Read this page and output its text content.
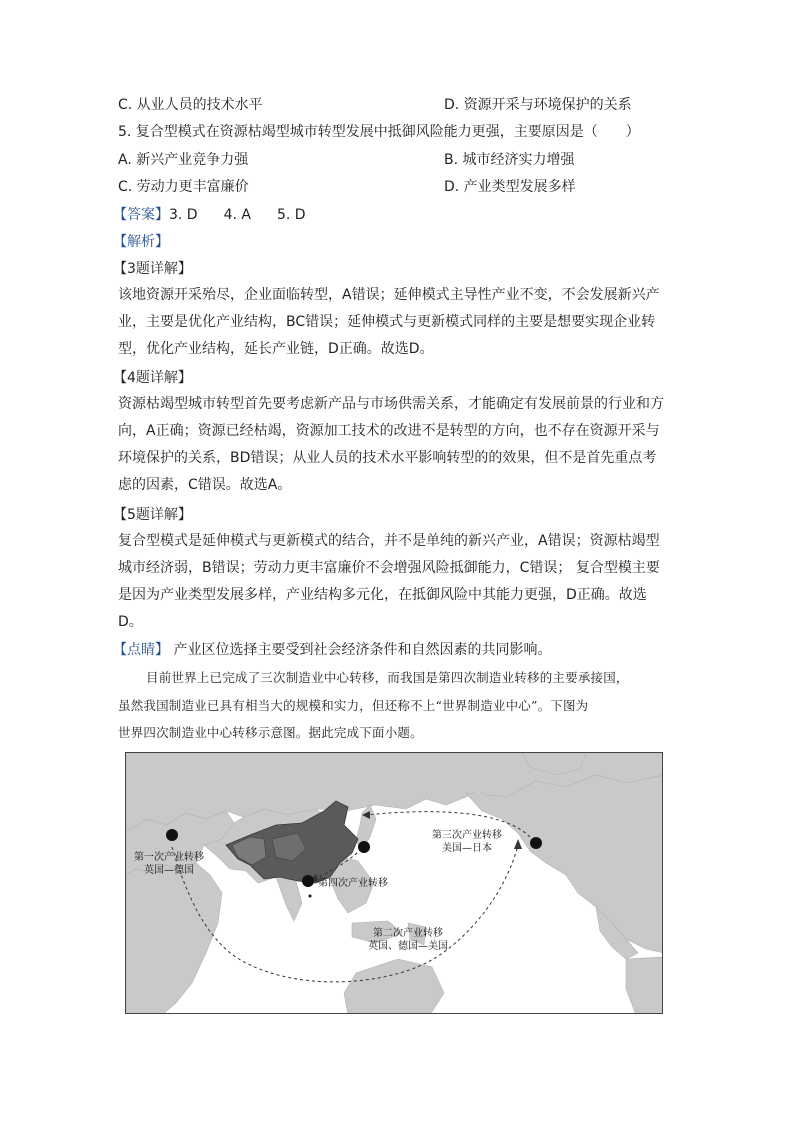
C. 从业人员的技术水平	D. 资源开采与环境保护的关系
5. 复合型模式在资源枯竭型城市转型发展中抵御风险能力更强，主要原因是（　　）
A. 新兴产业竞争力强	B. 城市经济实力增强
C. 劳动力更丰富廉价	D. 产业类型发展多样
【答案】3. D 4. A 5. D
【解析】
【3题详解】
该地资源开采殆尽，企业面临转型，A错误；延伸模式主导性产业不变，不会发展新兴产
业，主要是优化产业结构，BC错误；延伸模式与更新模式同样的主要是想要实现企业转
型，优化产业结构，延长产业链，D正确。故选D。
【4题详解】
资源枯竭型城市转型首先要考虑新产品与市场供需关系，才能确定有发展前景的行业和方
向，A正确；资源已经枯竭，资源加工技术的改进不是转型的方向，也不存在资源开采与
环境保护的关系，BD错误；从业人员的技术水平影响转型的的效果，但不是首先重点考
虑的因素，C错误。故选A。
【5题详解】
复合型模式是延伸模式与更新模式的结合，并不是单纯的新兴产业，A错误；资源枯竭型
城市经济弱，B错误；劳动力更丰富廉价不会增强风险抵御能力，C错误； 复合型模主要
是因为产业类型发展多样，产业结构多元化，在抵御风险中其能力更强，D正确。故选
D。
【点睛】 产业区位选择主要受到社会经济条件和自然因素的共同影响。
目前世界上已完成了三次制造业中心转移，而我国是第四次制造业转移的主要承接国，
虽然我国制造业已具有相当大的规模和实力，但还称不上“世界制造业中心”。下图为
世界四次制造业中心转移示意图。据此完成下面小题。
第一次产业转移
英国—德国
第三次产业转移
美国—日本
第四次产业转移
第二次产业转移
英国、德国—美国
